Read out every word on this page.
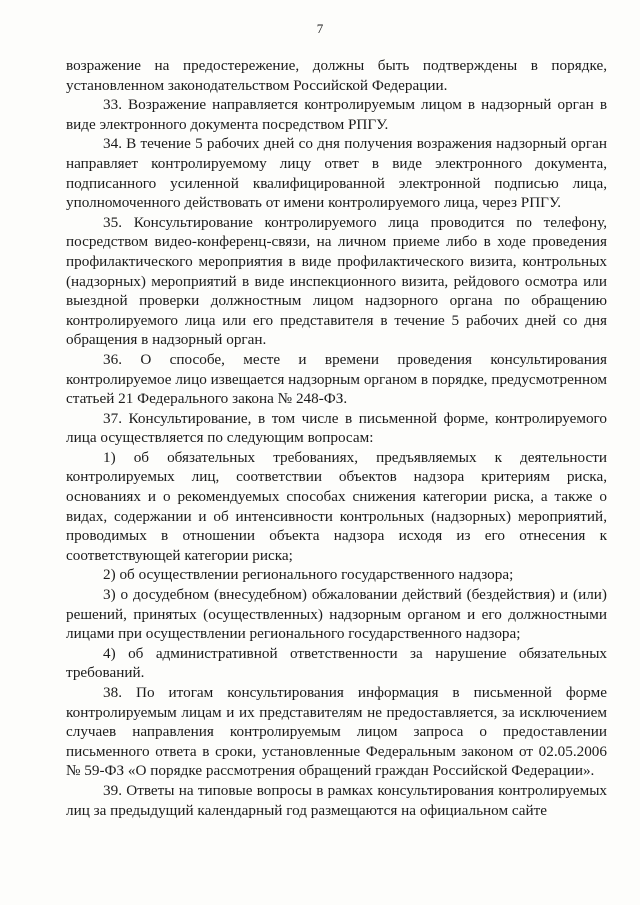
7

возражение на предостережение, должны быть подтверждены в порядке, установленном законодательством Российской Федерации.

33. Возражение направляется контролируемым лицом в надзорный орган в виде электронного документа посредством РПГУ.

34. В течение 5 рабочих дней со дня получения возражения надзорный орган направляет контролируемому лицу ответ в виде электронного документа, подписанного усиленной квалифицированной электронной подписью лица, уполномоченного действовать от имени контролируемого лица, через РПГУ.

35. Консультирование контролируемого лица проводится по телефону, посредством видео-конференц-связи, на личном приеме либо в ходе проведения профилактического мероприятия в виде профилактического визита, контрольных (надзорных) мероприятий в виде инспекционного визита, рейдового осмотра или выездной проверки должностным лицом надзорного органа по обращению контролируемого лица или его представителя в течение 5 рабочих дней со дня обращения в надзорный орган.

36. О способе, месте и времени проведения консультирования контролируемое лицо извещается надзорным органом в порядке, предусмотренном статьей 21 Федерального закона № 248-ФЗ.

37. Консультирование, в том числе в письменной форме, контролируемого лица осуществляется по следующим вопросам:

1) об обязательных требованиях, предъявляемых к деятельности контролируемых лиц, соответствии объектов надзора критериям риска, основаниях и о рекомендуемых способах снижения категории риска, а также о видах, содержании и об интенсивности контрольных (надзорных) мероприятий, проводимых в отношении объекта надзора исходя из его отнесения к соответствующей категории риска;

2) об осуществлении регионального государственного надзора;

3) о досудебном (внесудебном) обжаловании действий (бездействия) и (или) решений, принятых (осуществленных) надзорным органом и его должностными лицами при осуществлении регионального государственного надзора;

4) об административной ответственности за нарушение обязательных требований.

38. По итогам консультирования информация в письменной форме контролируемым лицам и их представителям не предоставляется, за исключением случаев направления контролируемым лицом запроса о предоставлении письменного ответа в сроки, установленные Федеральным законом от 02.05.2006 № 59-ФЗ «О порядке рассмотрения обращений граждан Российской Федерации».

39. Ответы на типовые вопросы в рамках консультирования контролируемых лиц за предыдущий календарный год размещаются на официальном сайте
